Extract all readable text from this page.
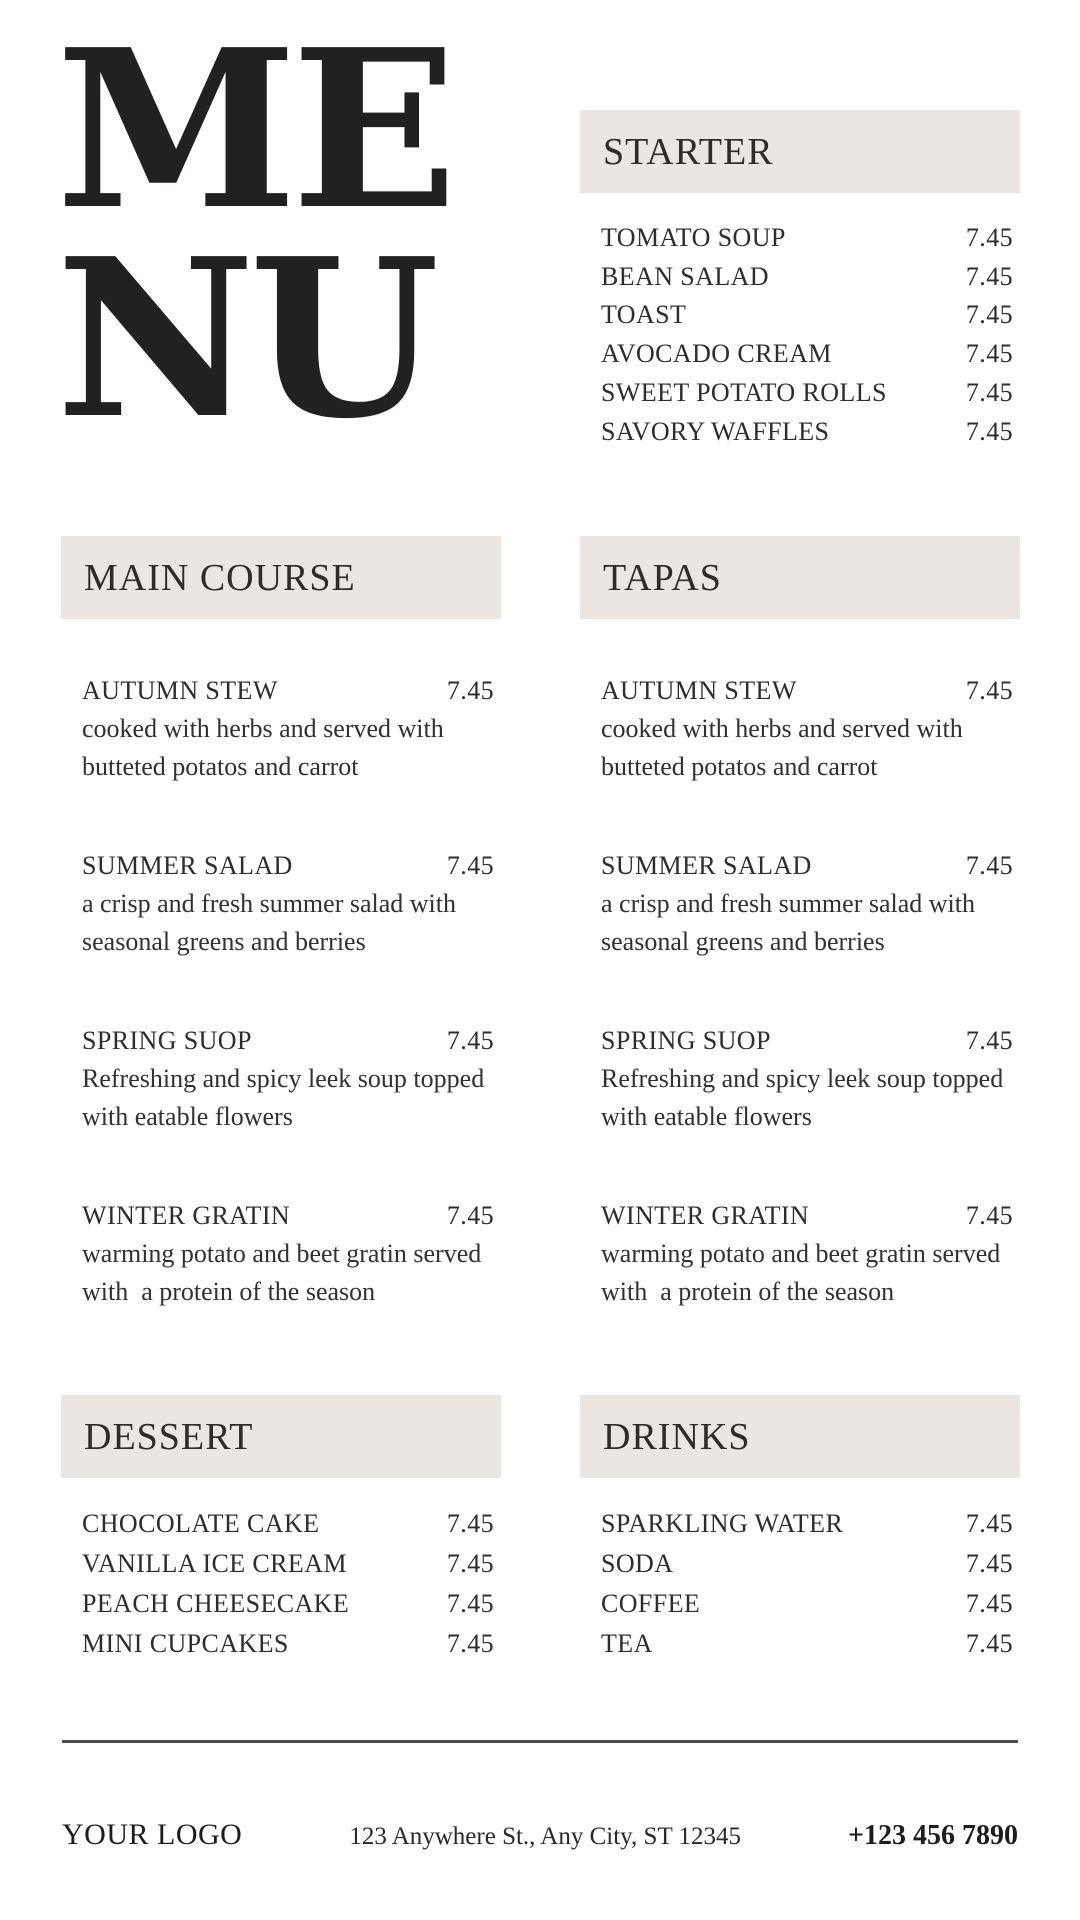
ME
NU
STARTER
TOMATO SOUP	7.45
BEAN SALAD	7.45
TOAST	7.45
AVOCADO CREAM	7.45
SWEET POTATO ROLLS	7.45
SAVORY WAFFLES	7.45
MAIN COURSE
AUTUMN STEW	7.45
cooked with herbs and served with
butteted potatos and carrot
SUMMER SALAD	7.45
a crisp and fresh summer salad with
seasonal greens and berries
SPRING SUOP	7.45
Refreshing and spicy leek soup topped
with eatable flowers
WINTER GRATIN	7.45
warming potato and beet gratin served
with  a protein of the season
TAPAS
AUTUMN STEW	7.45
cooked with herbs and served with
butteted potatos and carrot
SUMMER SALAD	7.45
a crisp and fresh summer salad with
seasonal greens and berries
SPRING SUOP	7.45
Refreshing and spicy leek soup topped
with eatable flowers
WINTER GRATIN	7.45
warming potato and beet gratin served
with  a protein of the season
DESSERT
CHOCOLATE CAKE	7.45
VANILLA ICE CREAM	7.45
PEACH CHEESECAKE	7.45
MINI CUPCAKES	7.45
DRINKS
SPARKLING WATER	7.45
SODA	7.45
COFFEE	7.45
TEA	7.45
YOUR LOGO	123 Anywhere St., Any City, ST 12345	+123 456 7890
